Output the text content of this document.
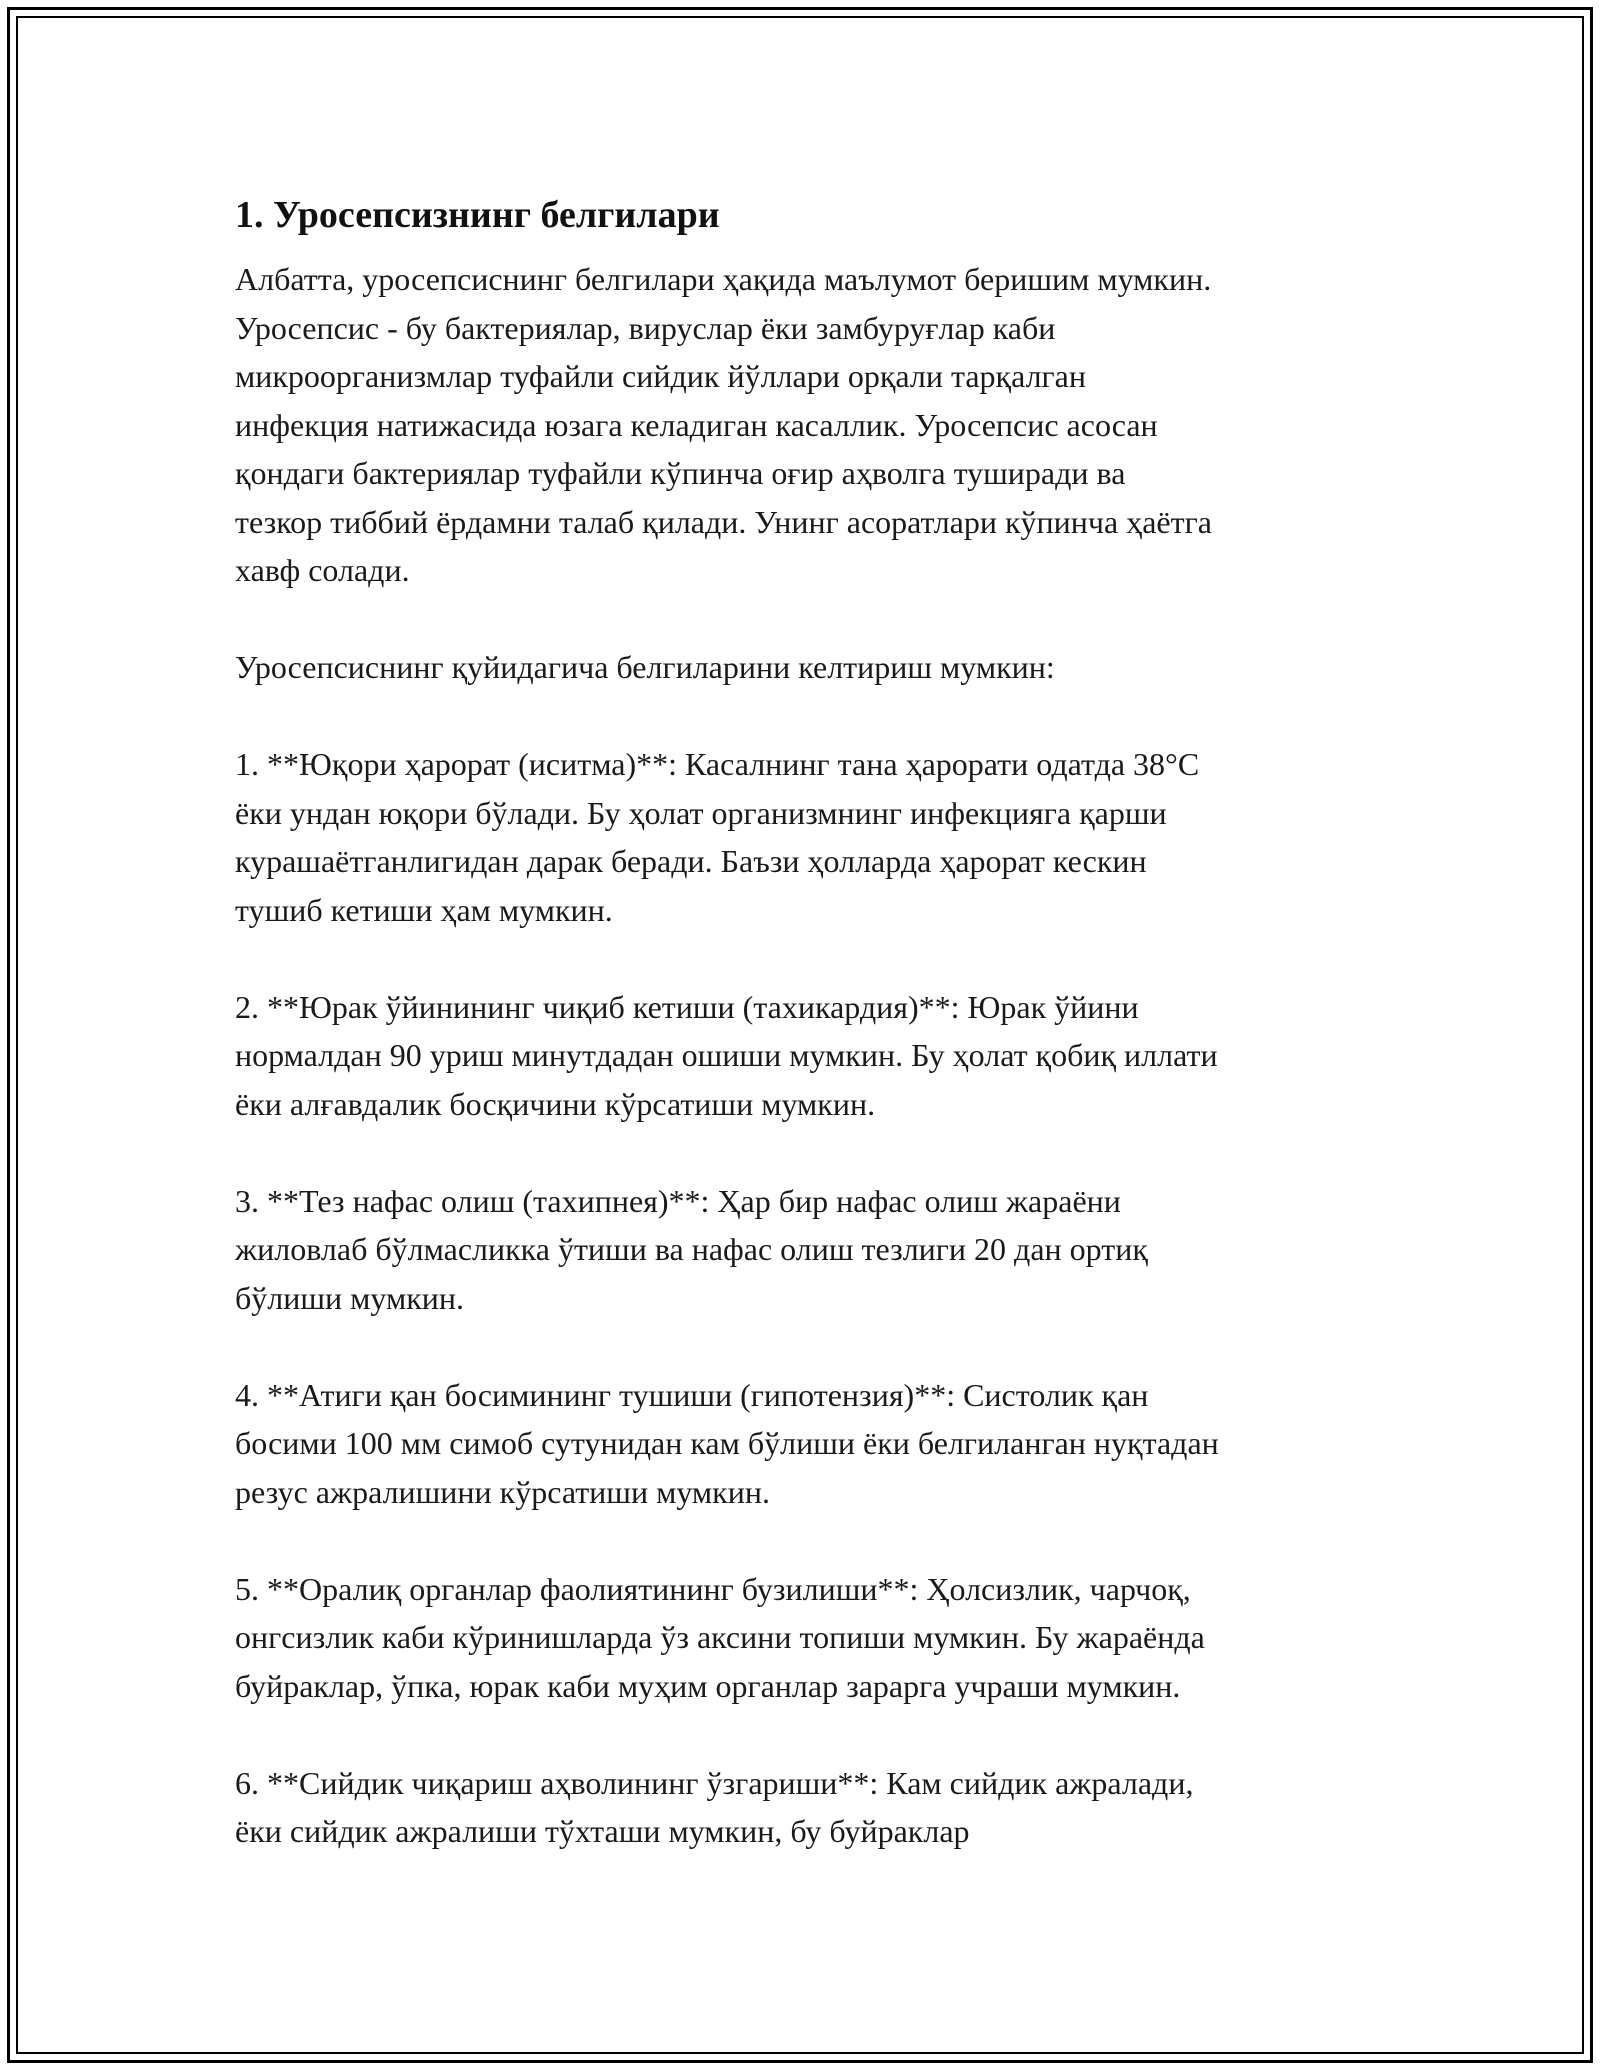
1. Уросепсизнинг белгилари

Албатта, уросепсиснинг белгилари ҳақида маълумот беришим мумкин.
Уросепсис - бу бактериялар, вируслар ёки замбуруғлар каби
микроорганизмлар туфайли сийдик йўллари орқали тарқалган
инфекция натижасида юзага келадиган касаллик. Уросепсис асосан
қондаги бактериялар туфайли кўпинча оғир аҳволга туширади ва
тезкор тиббий ёрдамни талаб қилади. Унинг асоратлари кўпинча ҳаётга
хавф солади.

Уросепсиснинг қуйидагича белгиларини келтириш мумкин:

1. **Юқори ҳарорат (иситма)**: Касалнинг тана ҳарорати одатда 38°C
ёки ундан юқори бўлади. Бу ҳолат организмнинг инфекцияга қарши
курашаётганлигидан дарак беради. Баъзи ҳолларда ҳарорат кескин
тушиб кетиши ҳам мумкин.

2. **Юрак ўйинининг чиқиб кетиши (тахикардия)**: Юрак ўйини
нормалдан 90 уриш минутдадан ошиши мумкин. Бу ҳолат қобиқ иллати
ёки алғавдалик босқичини кўрсатиши мумкин.

3. **Тез нафас олиш (тахипнея)**: Ҳар бир нафас олиш жараёни
жиловлаб бўлмасликка ўтиши ва нафас олиш тезлиги 20 дан ортиқ
бўлиши мумкин.

4. **Атиги қан босимининг тушиши (гипотензия)**: Систолик қан
босими 100 мм симоб сутунидан кам бўлиши ёки белгиланган нуқтадан
резус ажралишини кўрсатиши мумкин.

5. **Оралиқ органлар фаолиятининг бузилиши**: Ҳолсизлик, чарчоқ,
онгсизлик каби кўринишларда ўз аксини топиши мумкин. Бу жараёнда
буйраклар, ўпка, юрак каби муҳим органлар зарарга учраши мумкин.

6. **Сийдик чиқариш аҳволининг ўзгариши**: Кам сийдик ажралади,
ёки сийдик ажралиши тўхташи мумкин, бу буйраклар
